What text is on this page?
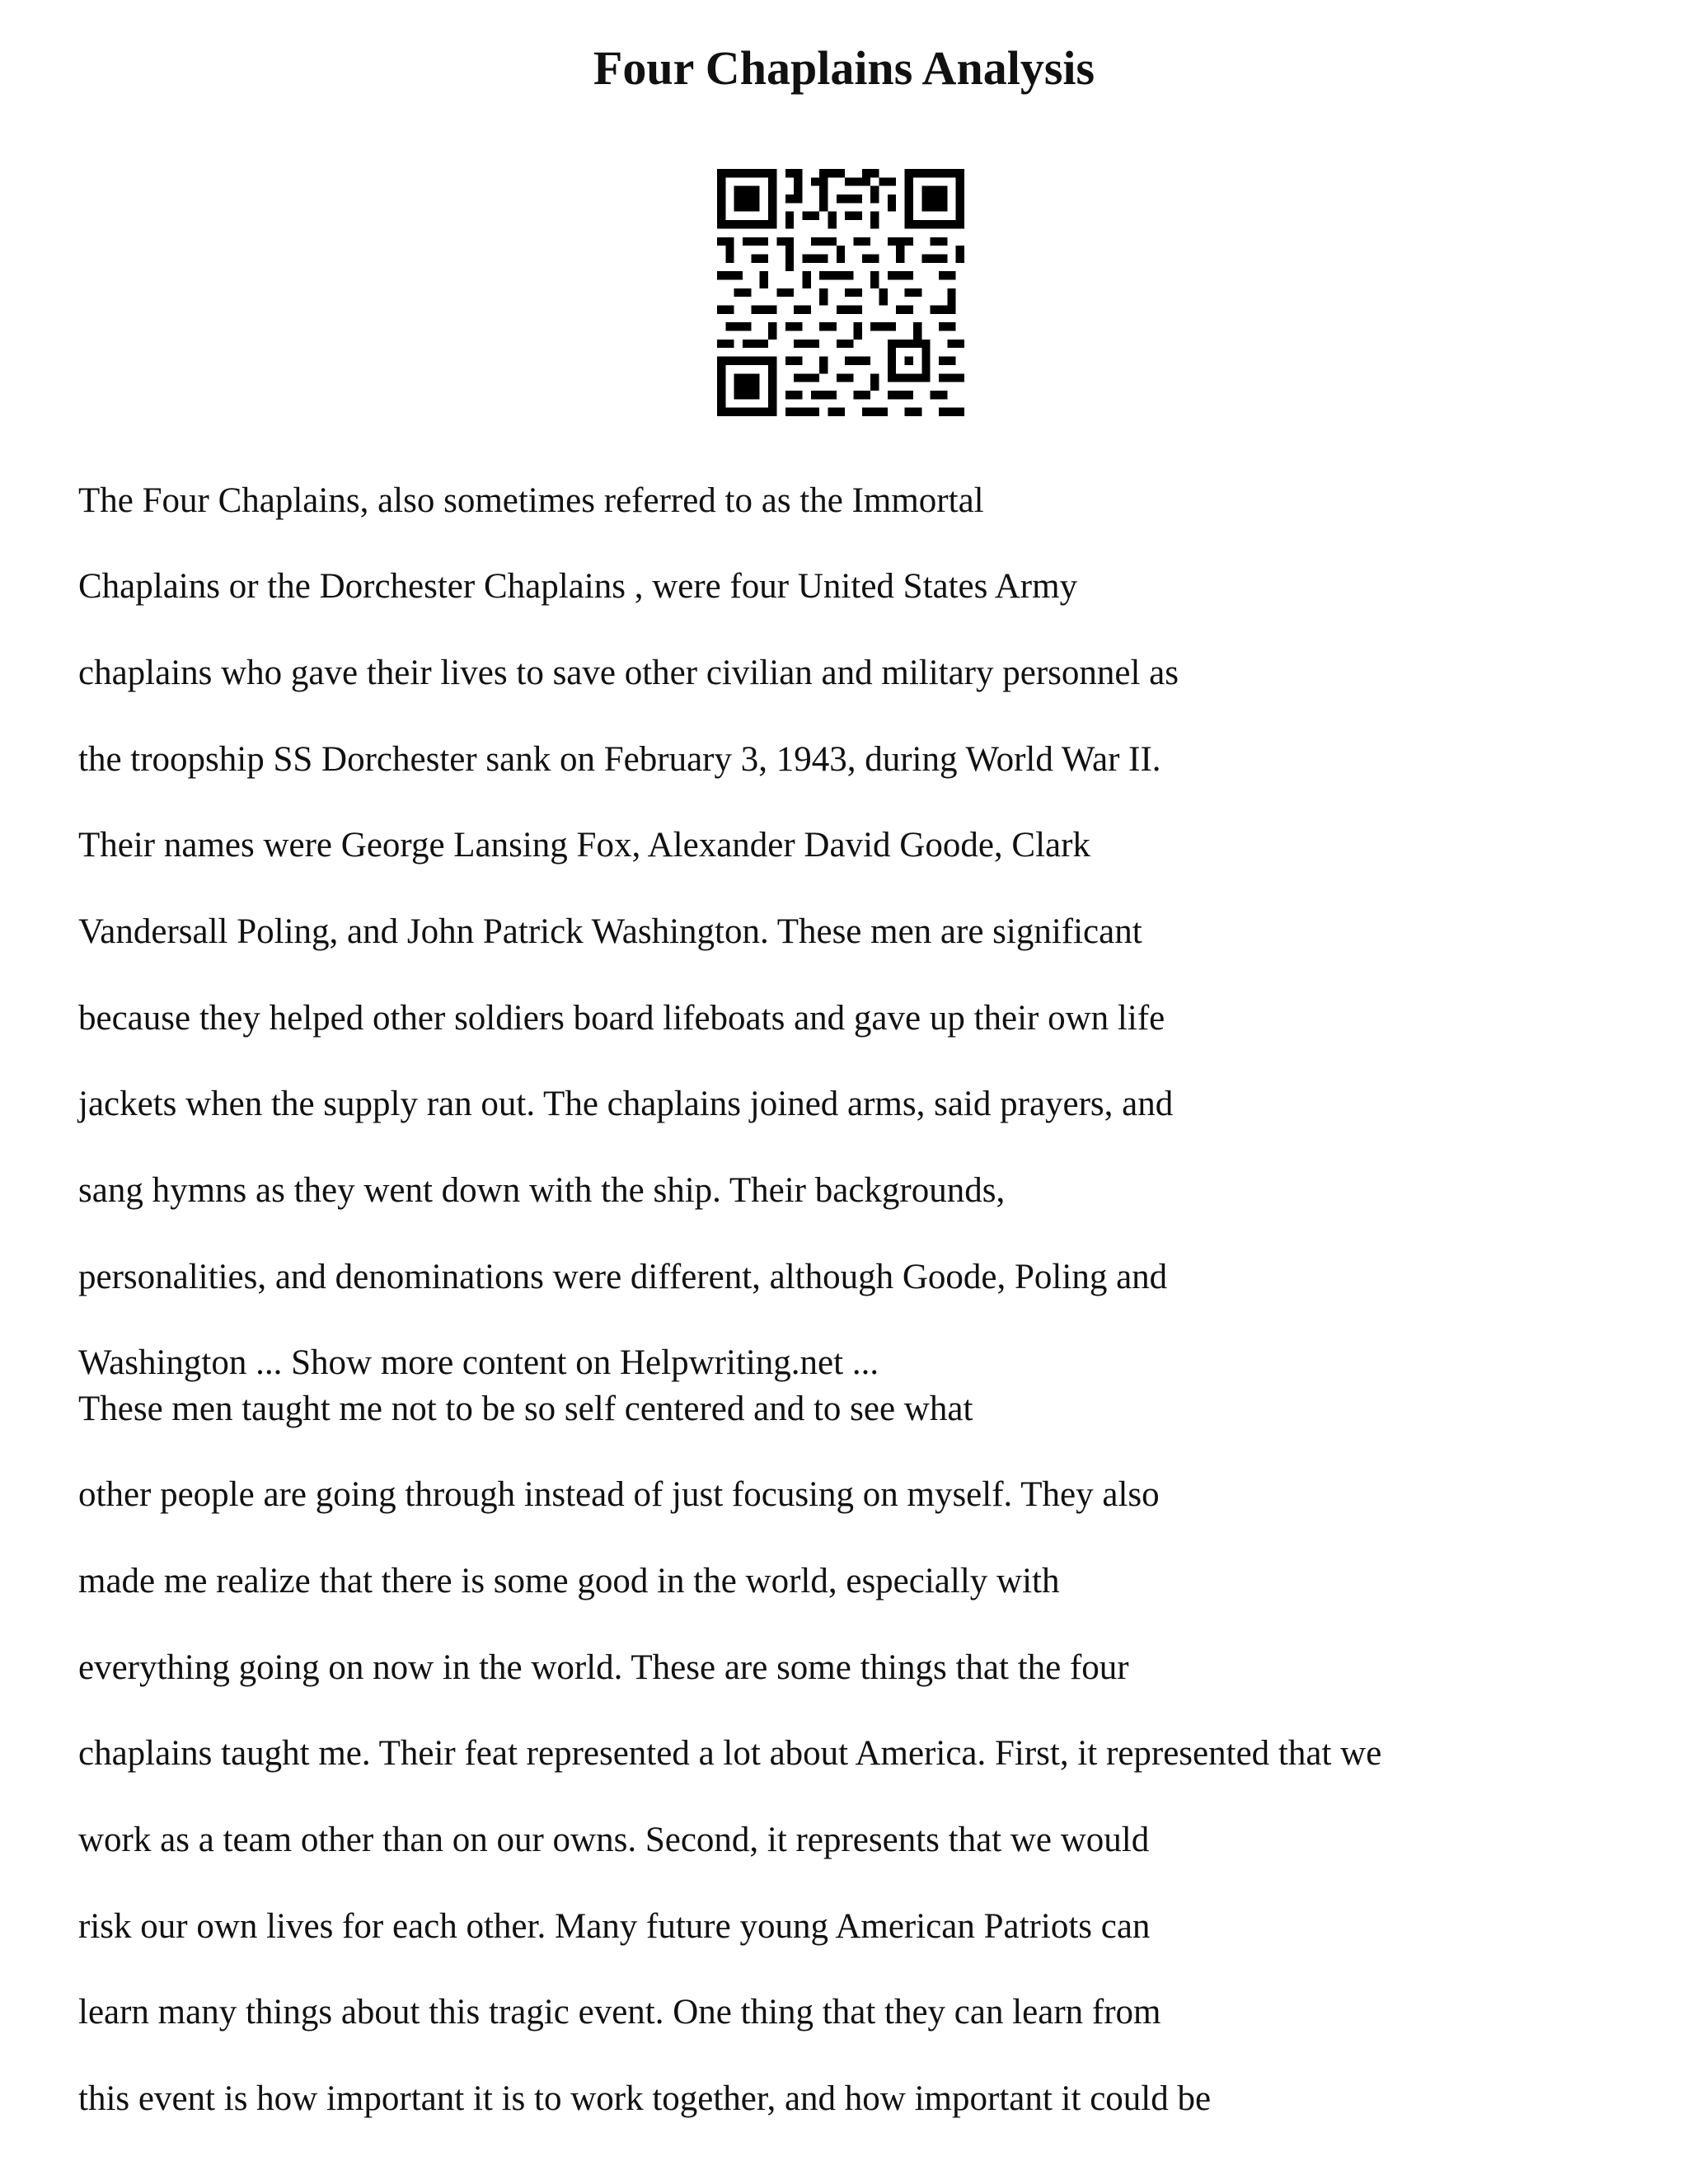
Four Chaplains Analysis
The Four Chaplains, also sometimes referred to as the Immortal
Chaplains or the Dorchester Chaplains , were four United States Army
chaplains who gave their lives to save other civilian and military personnel as
the troopship SS Dorchester sank on February 3, 1943, during World War II.
Their names were George Lansing Fox, Alexander David Goode, Clark
Vandersall Poling, and John Patrick Washington. These men are significant
because they helped other soldiers board lifeboats and gave up their own life
jackets when the supply ran out. The chaplains joined arms, said prayers, and
sang hymns as they went down with the ship. Their backgrounds,
personalities, and denominations were different, although Goode, Poling and
Washington ... Show more content on Helpwriting.net ...
These men taught me not to be so self centered and to see what
other people are going through instead of just focusing on myself. They also
made me realize that there is some good in the world, especially with
everything going on now in the world. These are some things that the four
chaplains taught me. Their feat represented a lot about America. First, it represented that we
work as a team other than on our owns. Second, it represents that we would
risk our own lives for each other. Many future young American Patriots can
learn many things about this tragic event. One thing that they can learn from
this event is how important it is to work together, and how important it could be
